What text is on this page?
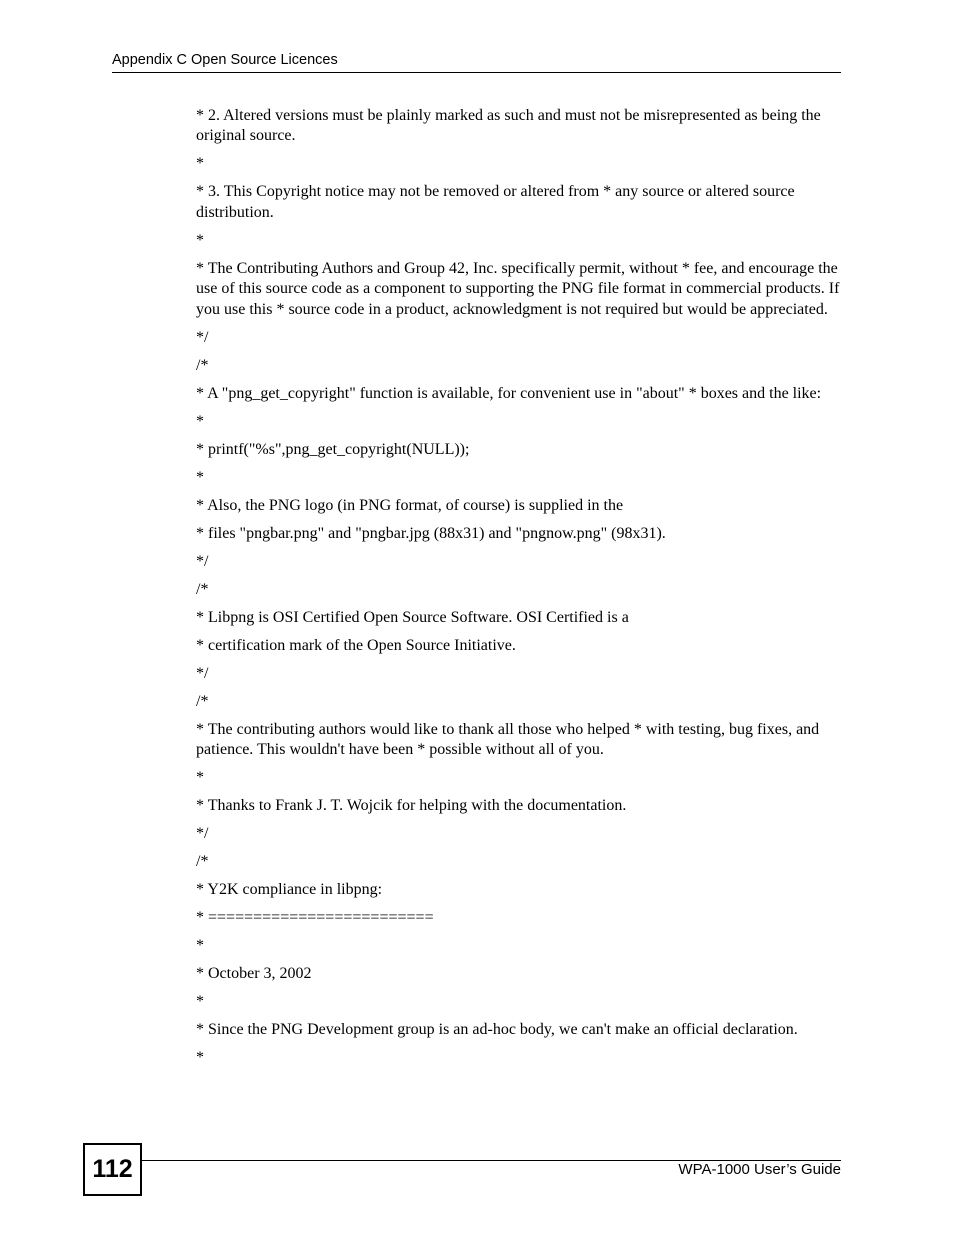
Appendix C Open Source Licences

* 2. Altered versions must be plainly marked as such and must not be misrepresented as being the original source.

*

* 3. This Copyright notice may not be removed or altered from * any source or altered source distribution.

*

* The Contributing Authors and Group 42, Inc. specifically permit, without * fee, and encourage the use of this source code as a component to supporting the PNG file format in commercial products. If you use this * source code in a product, acknowledgment is not required but would be appreciated.

*/

/*

* A "png_get_copyright" function is available, for convenient use in "about" * boxes and the like:

*

* printf("%s",png_get_copyright(NULL));

*

* Also, the PNG logo (in PNG format, of course) is supplied in the

* files "pngbar.png" and "pngbar.jpg (88x31) and "pngnow.png" (98x31).

*/

/*

* Libpng is OSI Certified Open Source Software. OSI Certified is a

* certification mark of the Open Source Initiative.

*/

/*

* The contributing authors would like to thank all those who helped * with testing, bug fixes, and patience. This wouldn't have been * possible without all of you.

*

* Thanks to Frank J. T. Wojcik for helping with the documentation.

*/

/*

* Y2K compliance in libpng:

* =========================

*

* October 3, 2002

*

* Since the PNG Development group is an ad-hoc body, we can't make an official declaration.

*

112	WPA-1000 User’s Guide
